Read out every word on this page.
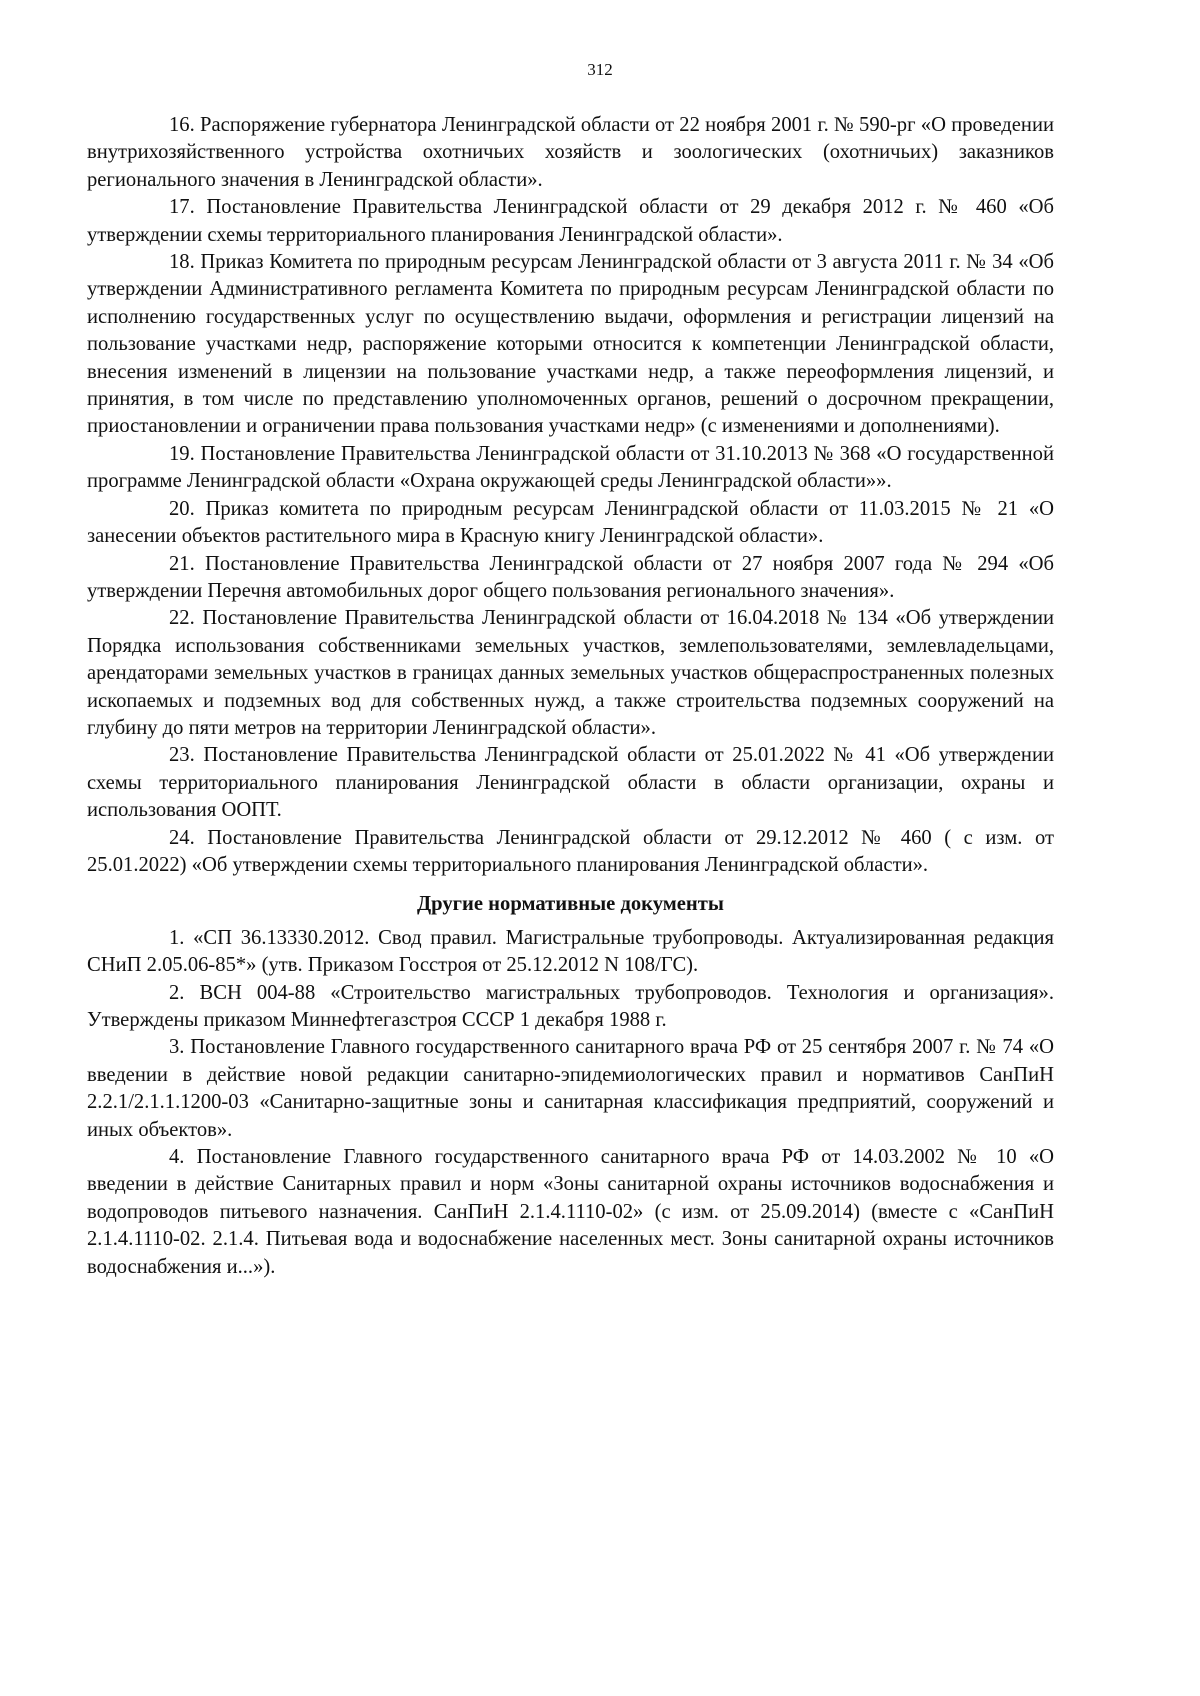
312

16. Распоряжение губернатора Ленинградской области от 22 ноября 2001 г. № 590-рг «О проведении внутрихозяйственного устройства охотничьих хозяйств и зоологических (охотничьих) заказников регионального значения в Ленинградской области».

17. Постановление Правительства Ленинградской области от 29 декабря 2012 г. № 460 «Об утверждении схемы территориального планирования Ленинградской области».

18. Приказ Комитета по природным ресурсам Ленинградской области от 3 августа 2011 г. № 34 «Об утверждении Административного регламента Комитета по природным ресурсам Ленинградской области по исполнению государственных услуг по осуществлению выдачи, оформления и регистрации лицензий на пользование участками недр, распоряжение которыми относится к компетенции Ленинградской области, внесения изменений в лицензии на пользование участками недр, а также переоформления лицензий, и принятия, в том числе по представлению уполномоченных органов, решений о досрочном прекращении, приостановлении и ограничении права пользования участками недр» (с изменениями и дополнениями).

19. Постановление Правительства Ленинградской области от 31.10.2013 № 368 «О государственной программе Ленинградской области «Охрана окружающей среды Ленинградской области»».

20. Приказ комитета по природным ресурсам Ленинградской области от 11.03.2015 № 21 «О занесении объектов растительного мира в Красную книгу Ленинградской области».

21. Постановление Правительства Ленинградской области от 27 ноября 2007 года № 294 «Об утверждении Перечня автомобильных дорог общего пользования регионального значения».

22. Постановление Правительства Ленинградской области от 16.04.2018 № 134 «Об утверждении Порядка использования собственниками земельных участков, землепользователями, землевладельцами, арендаторами земельных участков в границах данных земельных участков общераспространенных полезных ископаемых и подземных вод для собственных нужд, а также строительства подземных сооружений на глубину до пяти метров на территории Ленинградской области».

23. Постановление Правительства Ленинградской области от 25.01.2022 № 41 «Об утверждении схемы территориального планирования Ленинградской области в области организации, охраны и использования ООПТ.

24. Постановление Правительства Ленинградской области от 29.12.2012 № 460 ( с изм. от 25.01.2022) «Об утверждении схемы территориального планирования Ленинградской области».

Другие нормативные документы

1. «СП 36.13330.2012. Свод правил. Магистральные трубопроводы. Актуализированная редакция СНиП 2.05.06-85*» (утв. Приказом Госстроя от 25.12.2012 N 108/ГС).

2. ВСН 004-88 «Строительство магистральных трубопроводов. Технология и организация». Утверждены приказом Миннефтегазстроя СССР 1 декабря 1988 г.

3. Постановление Главного государственного санитарного врача РФ от 25 сентября 2007 г. № 74 «О введении в действие новой редакции санитарно-эпидемиологических правил и нормативов СанПиН 2.2.1/2.1.1.1200-03 «Санитарно-защитные зоны и санитарная классификация предприятий, сооружений и иных объектов».

4. Постановление Главного государственного санитарного врача РФ от 14.03.2002 № 10 «О введении в действие Санитарных правил и норм «Зоны санитарной охраны источников водоснабжения и водопроводов питьевого назначения. СанПиН 2.1.4.1110-02» (с изм. от 25.09.2014) (вместе с «СанПиН 2.1.4.1110-02. 2.1.4. Питьевая вода и водоснабжение населенных мест. Зоны санитарной охраны источников водоснабжения и...»).
